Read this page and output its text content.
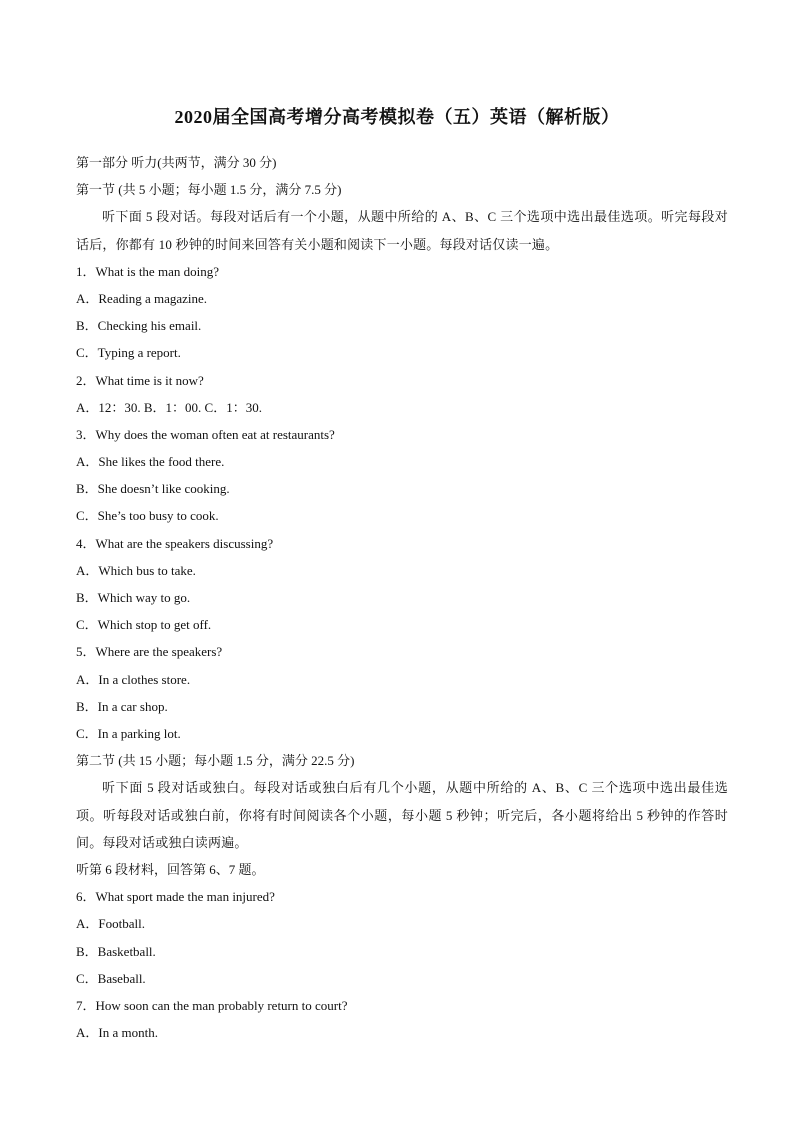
2020届全国高考增分高考模拟卷（五）英语（解析版）
第一部分 听力(共两节，满分 30 分)
第一节 (共 5 小题；每小题 1.5 分，满分 7.5 分)

听下面 5 段对话。每段对话后有一个小题，从题中所给的 A、B、C 三个选项中选出最佳选项。听完每段对话后，你都有 10 秒钟的时间来回答有关小题和阅读下一小题。每段对话仅读一遍。

1．What is the man doing?
A．Reading a magazine.
B．Checking his email.
C．Typing a report.
2．What time is it now?
A．12：30. B．1：00. C．1：30.
3．Why does the woman often eat at restaurants?
A．She likes the food there.
B．She doesn’t like cooking.
C．She’s too busy to cook.
4．What are the speakers discussing?
A．Which bus to take.
B．Which way to go.
C．Which stop to get off.
5．Where are the speakers?
A．In a clothes store.
B．In a car shop.
C．In a parking lot.
第二节 (共 15 小题；每小题 1.5 分，满分 22.5 分)

听下面 5 段对话或独白。每段对话或独白后有几个小题，从题中所给的 A、B、C 三个选项中选出最佳选项。听每段对话或独白前，你将有时间阅读各个小题，每小题 5 秒钟；听完后，各小题将给出 5 秒钟的作答时间。每段对话或独白读两遍。

听第 6 段材料，回答第 6、7 题。
6．What sport made the man injured?
A．Football.
B．Basketball.
C．Baseball.
7．How soon can the man probably return to court?
A．In a month.
